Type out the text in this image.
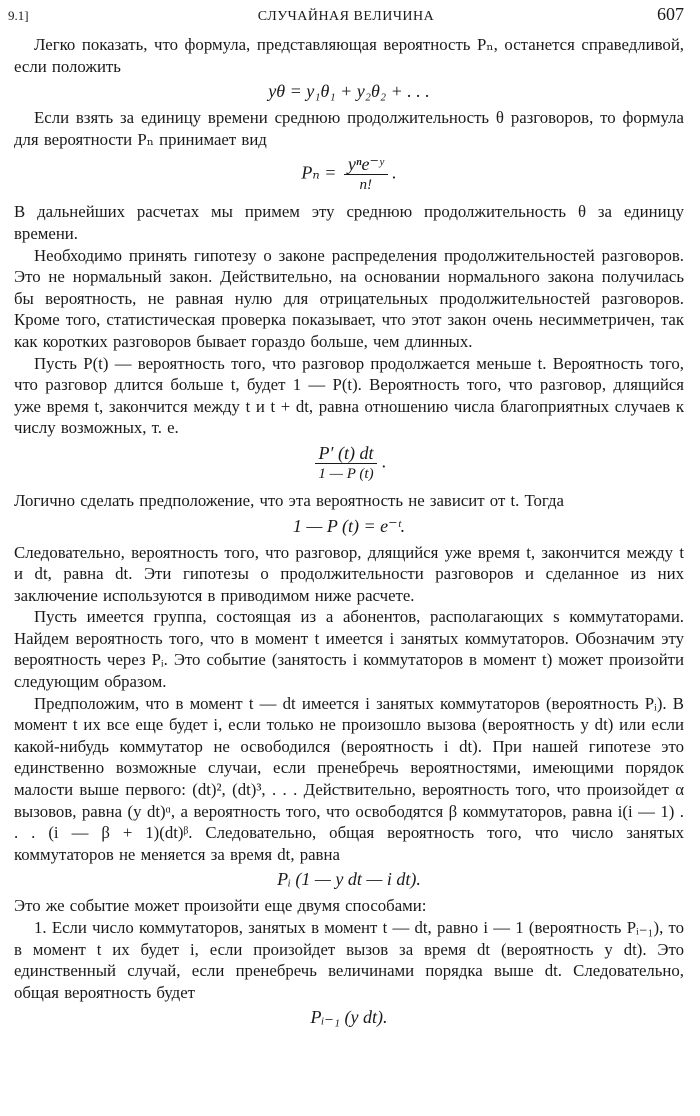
9.1]	СЛУЧАЙНАЯ ВЕЛИЧИНА	607

Легко показать, что формула, представляющая вероятность Pₙ, останется справедливой, если положить

yθ = y₁θ₁ + y₂θ₂ + . . .

Если взять за единицу времени среднюю продолжительность θ разговоров, то формула для вероятности Pₙ принимает вид

$P_n = \frac{\text{yⁿe⁻ʸ}}{n!}$ .

В дальнейших расчетах мы примем эту среднюю продолжительность θ за единицу времени.

Необходимо принять гипотезу о законе распределения продолжительностей разговоров. Это не нормальный закон. Действительно, на основании нормального закона получилась бы вероятность, не равная нулю для отрицательных продолжительностей разговоров. Кроме того, статистическая проверка показывает, что этот закон очень несимметричен, так как коротких разговоров бывает гораздо больше, чем длинных.

Пусть P(t) — вероятность того, что разговор продолжается меньше t. Вероятность того, что разговор длится больше t, будет 1 — P(t). Вероятность того, что разговор, длящийся уже время t, закончится между t и t + dt, равна отношению числа благоприятных случаев к числу возможных, т. е.

$\frac{P' (t) dt}{1 — P (t)}$ .

Логично сделать предположение, что эта вероятность не зависит от t. Тогда

1 — P (t) = e⁻ᵗ.

Следовательно, вероятность того, что разговор, длящийся уже время t, закончится между t и dt, равна dt. Эти гипотезы о продолжительности разговоров и сделанное из них заключение используются в приводимом ниже расчете.

Пусть имеется группа, состоящая из a абонентов, располагающих s коммутаторами. Найдем вероятность того, что в момент t имеется i занятых коммутаторов. Обозначим эту вероятность через Pᵢ. Это событие (занятость i коммутаторов в момент t) может произойти следующим образом.

Предположим, что в момент t — dt имеется i занятых коммутаторов (вероятность Pᵢ). В момент t их все еще будет i, если только не произошло вызова (вероятность y dt) или если какой-нибудь коммутатор не освободился (вероятность i dt). При нашей гипотезе это единственно возможные случаи, если пренебречь вероятностями, имеющими порядок малости выше первого: (dt)², (dt)³, . . . Действительно, вероятность того, что произойдет α вызовов, равна (y dt)ᵅ, а вероятность того, что освободятся β коммутаторов, равна i(i — 1) . . . (i — β + 1)(dt)ᵝ. Следовательно, общая вероятность того, что число занятых коммутаторов не меняется за время dt, равна

Pᵢ (1 — y dt — i dt).

Это же событие может произойти еще двумя способами:

1. Если число коммутаторов, занятых в момент t — dt, равно i — 1 (вероятность Pᵢ₋₁), то в момент t их будет i, если произойдет вызов за время dt (вероятность y dt). Это единственный случай, если пренебречь величинами порядка выше dt. Следовательно, общая вероятность будет

Pᵢ₋₁ (y dt).
